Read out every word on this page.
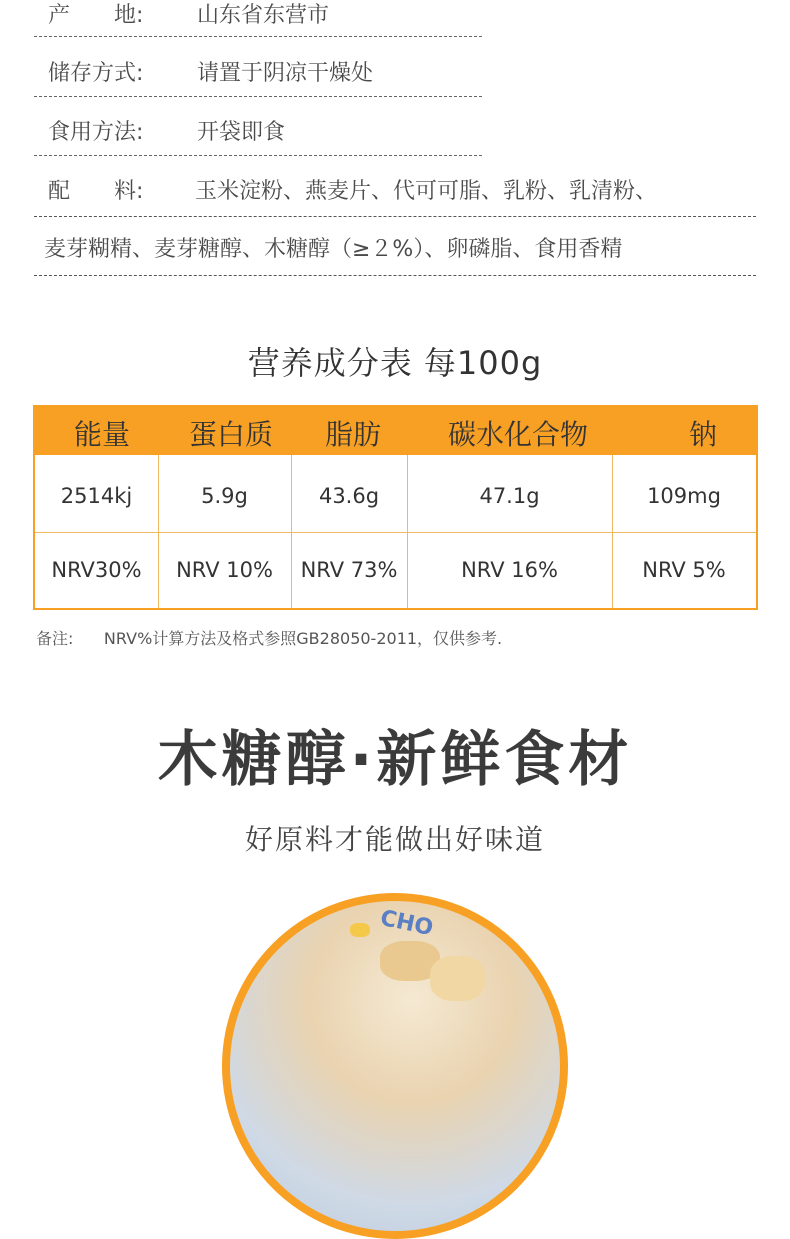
产　　地: 山东省东营市
储存方式: 请置于阴凉干燥处
食用方法: 开袋即食
配　　料: 玉米淀粉、燕麦片、代可可脂、乳粉、乳清粉、
麦芽糊精、麦芽糖醇、木糖醇（≥２%）、卵磷脂、食用香精
营养成分表 每100g
能量	蛋白质	脂肪	碳水化合物	钠
2514kj	5.9g	43.6g	47.1g	109mg
NRV30%	NRV 10%	NRV 73%	NRV 16%	NRV 5%
备注: NRV%计算方法及格式参照GB28050-2011，仅供参考.
木糖醇·新鲜食材
好原料才能做出好味道
CHO
